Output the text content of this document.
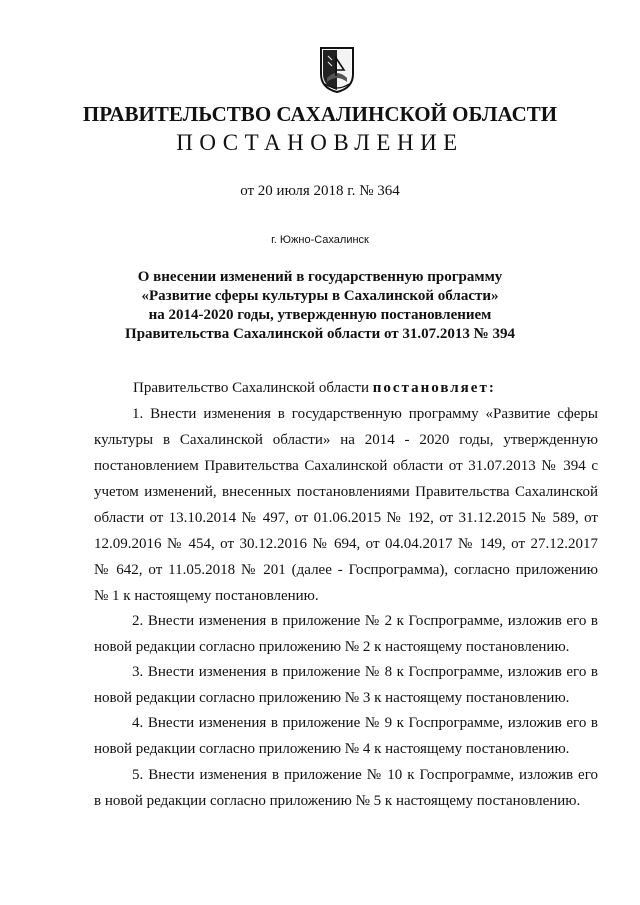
ПРАВИТЕЛЬСТВО САХАЛИНСКОЙ ОБЛАСТИ
ПОСТАНОВЛЕНИЕ
от 20 июля 2018 г. № 364
г. Южно-Сахалинск
О внесении изменений в государственную программу
«Развитие сферы культуры в Сахалинской области»
на 2014-2020 годы, утвержденную постановлением
Правительства Сахалинской области от 31.07.2013 № 394
Правительство Сахалинской области постановляет:
1. Внести изменения в государственную программу «Развитие сферы
культуры в Сахалинской области» на 2014 - 2020 годы, утвержденную
постановлением Правительства Сахалинской области от 31.07.2013 № 394 с
учетом изменений, внесенных постановлениями Правительства Сахалинской
области от 13.10.2014 № 497, от 01.06.2015 № 192, от 31.12.2015 № 589, от
12.09.2016 № 454, от 30.12.2016 № 694, от 04.04.2017 № 149, от 27.12.2017
№ 642, от 11.05.2018 № 201 (далее - Госпрограмма), согласно приложению
№ 1 к настоящему постановлению.
2. Внести изменения в приложение № 2 к Госпрограмме, изложив его в
новой редакции согласно приложению № 2 к настоящему постановлению.
3. Внести изменения в приложение № 8 к Госпрограмме, изложив его в
новой редакции согласно приложению № 3 к настоящему постановлению.
4. Внести изменения в приложение № 9 к Госпрограмме, изложив его в
новой редакции согласно приложению № 4 к настоящему постановлению.
5. Внести изменения в приложение № 10 к Госпрограмме, изложив его
в новой редакции согласно приложению № 5 к настоящему постановлению.
